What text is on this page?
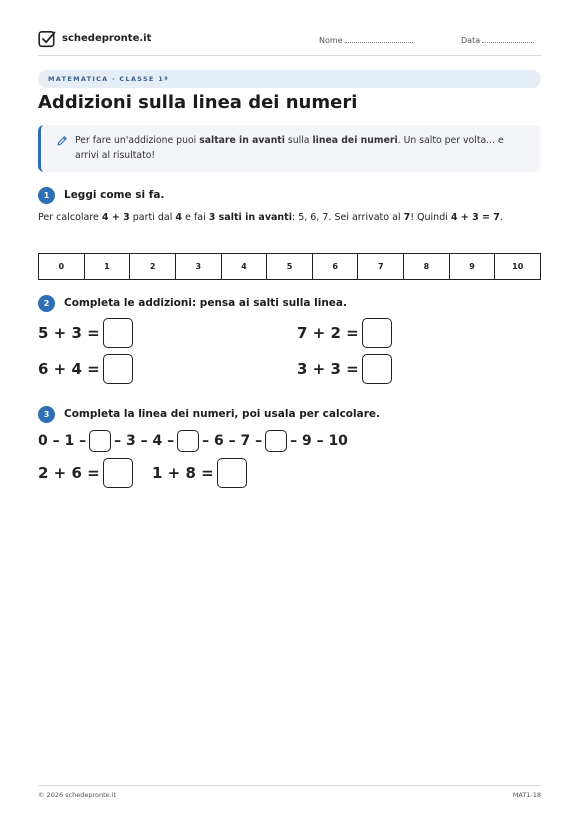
schedepronte.it	Nome	Data
MATEMATICA · CLASSE 1ª
Addizioni sulla linea dei numeri
Per fare un'addizione puoi saltare in avanti sulla linea dei numeri. Un salto per volta... e arrivi al risultato!
1	Leggi come si fa.
Per calcolare 4 + 3 parti dal 4 e fai 3 salti in avanti: 5, 6, 7. Sei arrivato al 7! Quindi 4 + 3 = 7.
0	1	2	3	4	5	6	7	8	9	10
2	Completa le addizioni: pensa ai salti sulla linea.
5 + 3 =	7 + 2 =
6 + 4 =	3 + 3 =
3	Completa la linea dei numeri, poi usala per calcolare.
0 – 1 – – 3 – 4 – – 6 – 7 – – 9 – 10
2 + 6 =	1 + 8 =
© 2026 schedepronte.it	MAT1-18
